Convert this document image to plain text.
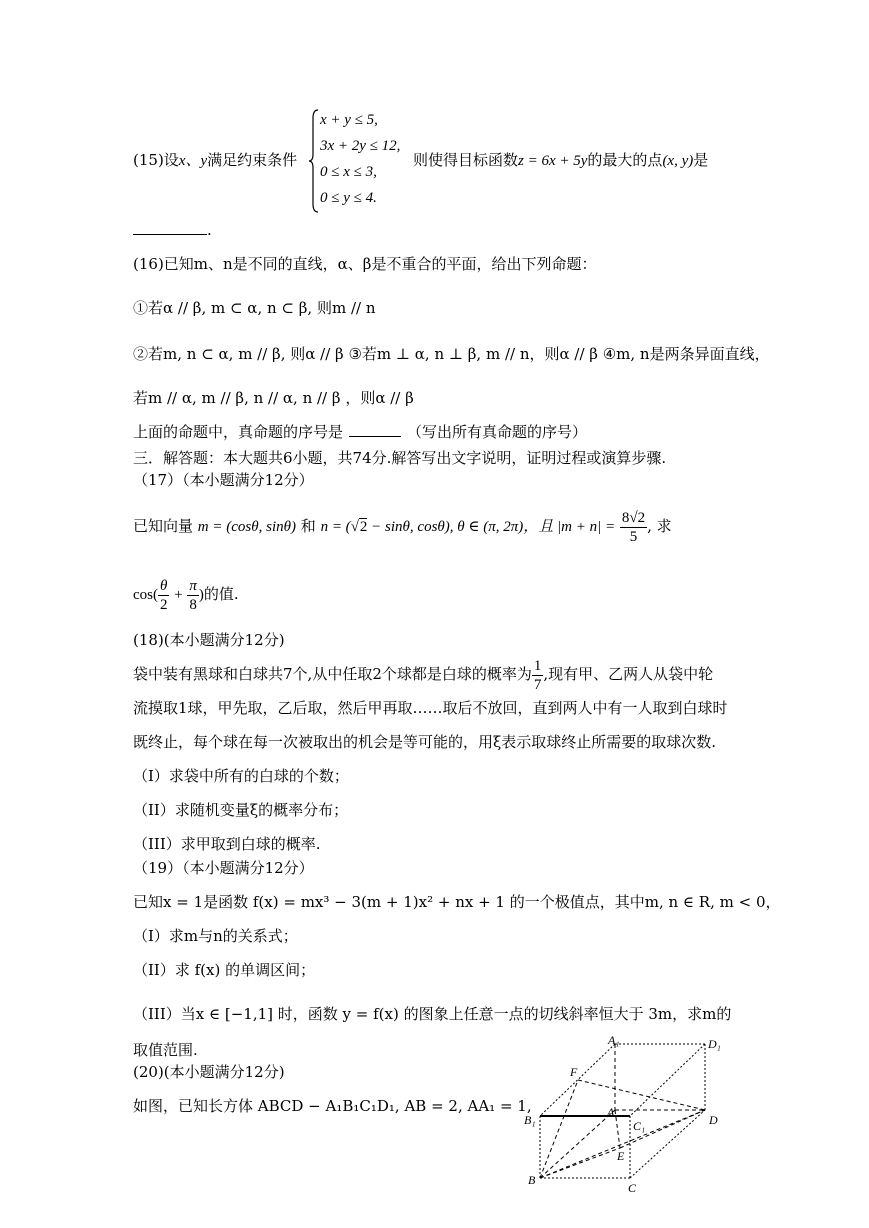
(15)设x、y满足约束条件
x + y ≤ 5,
3x + 2y ≤ 12,
0 ≤ x ≤ 3,
0 ≤ y ≤ 4.
则使得目标函数z = 6x + 5y的最大的点(x, y)是
.
(16)已知m、n是不同的直线，α、β是不重合的平面，给出下列命题：
①若α // β, m ⊂ α, n ⊂ β, 则m // n
②若m, n ⊂ α, m // β, 则α // β ③若m ⊥ α, n ⊥ β, m // n，则α // β ④m, n是两条异面直线，
若m // α, m // β, n // α, n // β ，则α // β
上面的命题中，真命题的序号是	（写出所有真命题的序号）
三．解答题：本大题共6小题，共74分.解答写出文字说明，证明过程或演算步骤.
（17）（本小题满分12分）
已知向量 m = (cosθ, sinθ) 和 n = (√2 − sinθ, cosθ), θ ∈ (π, 2π)，且 $|m + n| = \frac{8√2}{5}$ , 求
$\cos( \frac{\theta}{2} + \frac{\pi}{8}$ )的值.
(18)(本小题满分12分)
袋中装有黑球和白球共7个,从中任取2个球都是白球的概率为 $\frac{1}{7}$ ,现有甲、乙两人从袋中轮
流摸取1球，甲先取，乙后取，然后甲再取……取后不放回，直到两人中有一人取到白球时
既终止，每个球在每一次被取出的机会是等可能的，用ξ表示取球终止所需要的取球次数.
（I）求袋中所有的白球的个数；
（II）求随机变量ξ的概率分布；
（III）求甲取到白球的概率.
（19）（本小题满分12分）
已知x = 1是函数 f(x) = mx³ − 3(m + 1)x² + nx + 1 的一个极值点，其中m, n ∈ R, m < 0，
（I）求m与n的关系式；
（II）求 f(x) 的单调区间；
（III）当x ∈ [−1,1] 时，函数 y = f(x) 的图象上任意一点的切线斜率恒大于 3m，求m的
取值范围.
(20)(本小题满分12分)
如图，已知长方体 ABCD − A₁B₁C₁D₁, AB = 2, AA₁ = 1,
A₁	D₁
F
B₁
A
C₁	D
E
B
C
